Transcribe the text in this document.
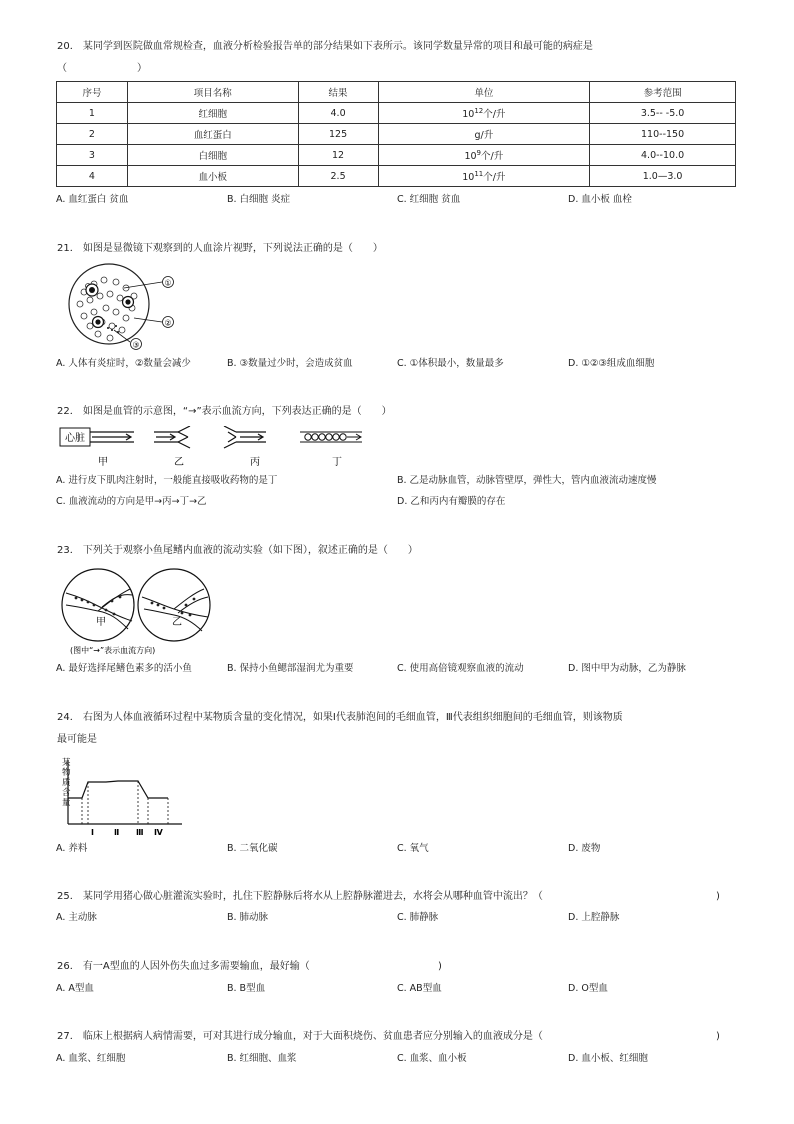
20． 某同学到医院做血常规检查，血液分析检验报告单的部分结果如下表所示。该同学数量异常的项目和最可能的病症是
（　　　　　　　）
序号	项目名称	结果	单位	参考范围
1	红细胞	4.0	$10^{12}$个/升	3.5-- -5.0
2	血红蛋白	125	g/升	110--150
3	白细胞	12	$10^9$个/升	4.0--10.0
4	血小板	2.5	$10^{11}$个/升	1.0—3.0
A. 血红蛋白 贫血	B. 白细胞 炎症	C. 红细胞 贫血	D. 血小板 血栓
21． 如图是显微镜下观察到的人血涂片视野，下列说法正确的是（　　）
①
②
③
A. 人体有炎症时，②数量会减少	B. ③数量过少时，会造成贫血	C. ①体积最小，数量最多	D. ①②③组成血细胞
22． 如图是血管的示意图，“→”表示血流方向，下列表达正确的是（　　）
心脏
甲	乙	丙	丁
A. 进行皮下肌肉注射时，一般能直接吸收药物的是丁	B. 乙是动脉血管，动脉管壁厚，弹性大，管内血液流动速度慢
C. 血液流动的方向是甲→丙→丁→乙	D. 乙和丙内有瓣膜的存在
23． 下列关于观察小鱼尾鳍内血液的流动实验（如下图），叙述正确的是（　　）
甲	乙
(图中“→”表示血流方向)
A. 最好选择尾鳍色素多的活小鱼	B. 保持小鱼鳃部湿润尤为重要	C. 使用高倍镜观察血液的流动	D. 图中甲为动脉，乙为静脉
24． 右图为人体血液循环过程中某物质含量的变化情况，如果Ⅰ代表肺泡间的毛细血管，Ⅲ代表组织细胞间的毛细血管，则该物质
最可能是
某
物
质
含
量
Ⅰ	Ⅱ Ⅲ Ⅳ
A. 养料	B. 二氧化碳	C. 氧气	D. 废物
25． 某同学用猪心做心脏灌流实验时，扎住下腔静脉后将水从上腔静脉灌进去，水将会从哪种血管中流出？（	)
A. 主动脉	B. 肺动脉	C. 肺静脉	D. 上腔静脉
26． 有一A型血的人因外伤失血过多需要输血，最好输（	)
A. A型血	B. B型血	C. AB型血	D. O型血
27． 临床上根据病人病情需要，可对其进行成分输血，对于大面积烧伤、贫血患者应分别输入的血液成分是（	)
A. 血浆、红细胞	B. 红细胞、血浆	C. 血浆、血小板	D. 血小板、红细胞
